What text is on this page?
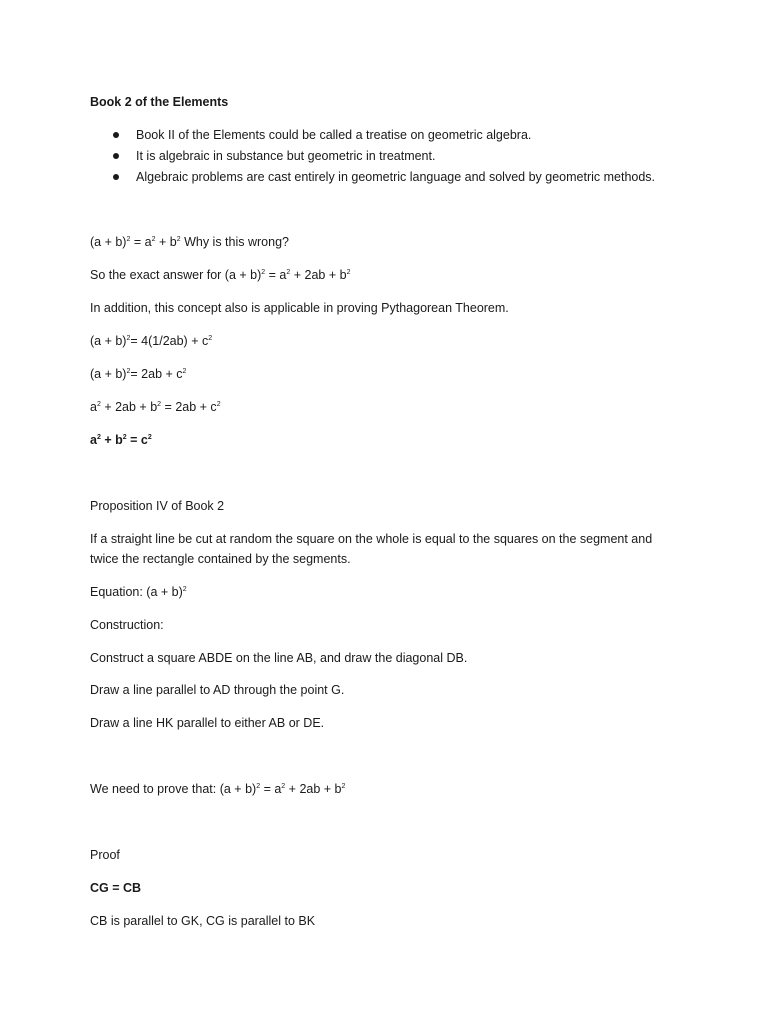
Book 2 of the Elements
Book II of the Elements could be called a treatise on geometric algebra.
It is algebraic in substance but geometric in treatment.
Algebraic problems are cast entirely in geometric language and solved by geometric methods.
$(a + b)^2 = a^2 + b^2$ Why is this wrong?
So the exact answer for $(a + b)^2 = a^2 + 2ab + b^2$
In addition, this concept also is applicable in proving Pythagorean Theorem.
$(a + b)^2= 4(1/2ab) + c^2$
$(a + b)^2= 2ab + c^2$
$a^2 + 2ab + b^2 = 2ab + c^2$
$a^2 + b^2 = c^2$
Proposition IV of Book 2
If a straight line be cut at random the square on the whole is equal to the squares on the segment and twice the rectangle contained by the segments.
Equation: $(a + b)^2$
Construction:
Construct a square ABDE on the line AB, and draw the diagonal DB.
Draw a line parallel to AD through the point G.
Draw a line HK parallel to either AB or DE.
We need to prove that: $(a + b)^2 = a^2 + 2ab + b^2$
Proof
CG = CB
CB is parallel to GK, CG is parallel to BK
